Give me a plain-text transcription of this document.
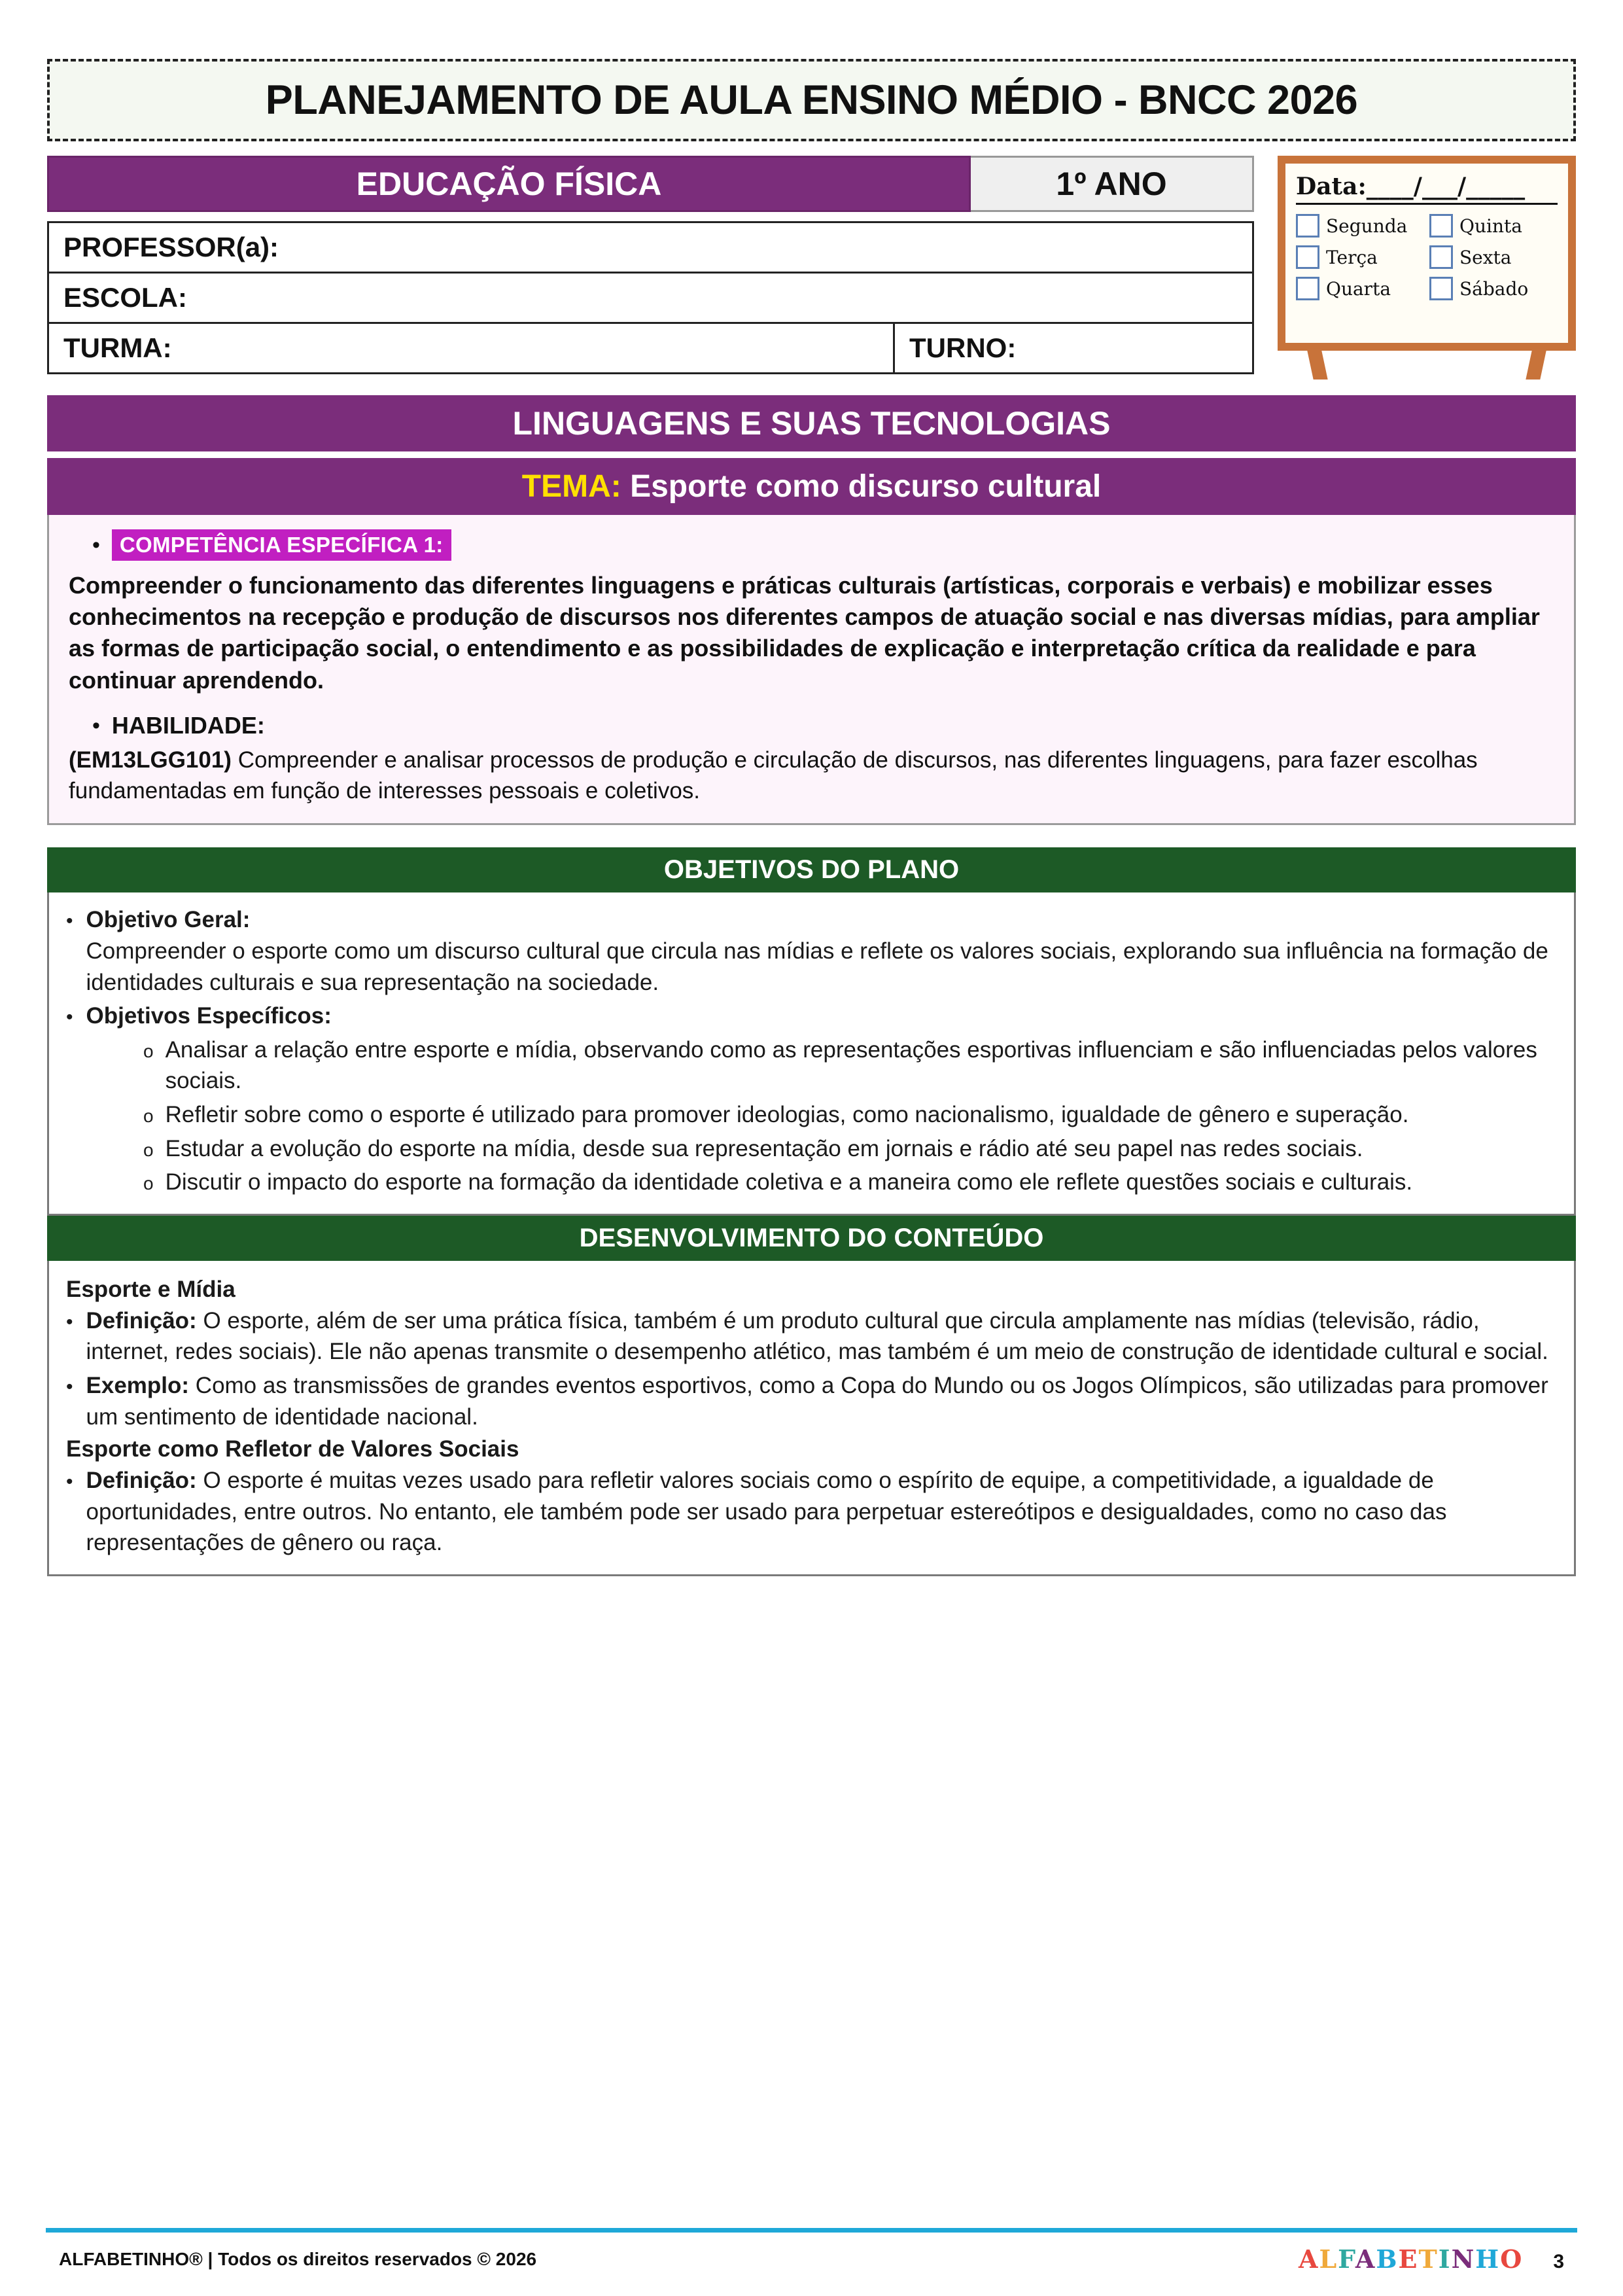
PLANEJAMENTO DE AULA ENSINO MÉDIO - BNCC 2026
EDUCAÇÃO FÍSICA	1º ANO
PROFESSOR(a):
ESCOLA:
TURMA:	TURNO:
Data:____/___/_____
Segunda	Quinta
Terça	Sexta
Quarta	Sábado
LINGUAGENS E SUAS TECNOLOGIAS
TEMA: Esporte como discurso cultural
• COMPETÊNCIA ESPECÍFICA 1:
Compreender o funcionamento das diferentes linguagens e práticas culturais (artísticas, corporais e verbais) e mobilizar esses conhecimentos na recepção e produção de discursos nos diferentes campos de atuação social e nas diversas mídias, para ampliar as formas de participação social, o entendimento e as possibilidades de explicação e interpretação crítica da realidade e para continuar aprendendo.
• HABILIDADE:
(EM13LGG101) Compreender e analisar processos de produção e circulação de discursos, nas diferentes linguagens, para fazer escolhas fundamentadas em função de interesses pessoais e coletivos.
OBJETIVOS DO PLANO
• Objetivo Geral:
Compreender o esporte como um discurso cultural que circula nas mídias e reflete os valores sociais, explorando sua influência na formação de identidades culturais e sua representação na sociedade.
• Objetivos Específicos:
o Analisar a relação entre esporte e mídia, observando como as representações esportivas influenciam e são influenciadas pelos valores sociais.
o Refletir sobre como o esporte é utilizado para promover ideologias, como nacionalismo, igualdade de gênero e superação.
o Estudar a evolução do esporte na mídia, desde sua representação em jornais e rádio até seu papel nas redes sociais.
o Discutir o impacto do esporte na formação da identidade coletiva e a maneira como ele reflete questões sociais e culturais.
DESENVOLVIMENTO DO CONTEÚDO
Esporte e Mídia
• Definição: O esporte, além de ser uma prática física, também é um produto cultural que circula amplamente nas mídias (televisão, rádio, internet, redes sociais). Ele não apenas transmite o desempenho atlético, mas também é um meio de construção de identidade cultural e social.
• Exemplo: Como as transmissões de grandes eventos esportivos, como a Copa do Mundo ou os Jogos Olímpicos, são utilizadas para promover um sentimento de identidade nacional.
Esporte como Refletor de Valores Sociais
• Definição: O esporte é muitas vezes usado para refletir valores sociais como o espírito de equipe, a competitividade, a igualdade de oportunidades, entre outros. No entanto, ele também pode ser usado para perpetuar estereótipos e desigualdades, como no caso das representações de gênero ou raça.
ALFABETINHO® | Todos os direitos reservados © 2026	ALFABETINHO 3
